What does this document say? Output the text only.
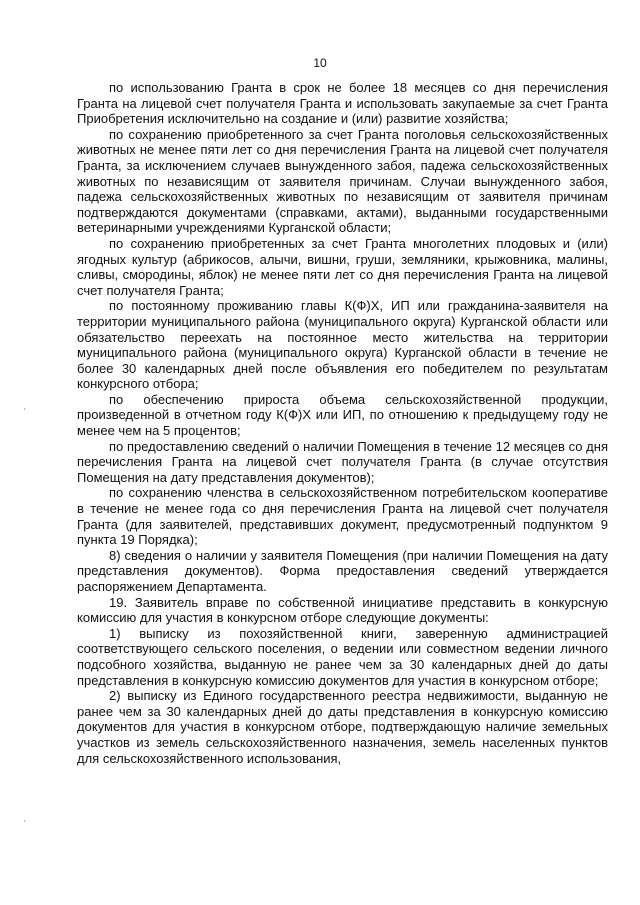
10

по использованию Гранта в срок не более 18 месяцев со дня перечисления Гранта на лицевой счет получателя Гранта и использовать закупаемые за счет Гранта Приобретения исключительно на создание и (или) развитие хозяйства;

по сохранению приобретенного за счет Гранта поголовья сельскохозяйственных животных не менее пяти лет со дня перечисления Гранта на лицевой счет получателя Гранта, за исключением случаев вынужденного забоя, падежа сельскохозяйственных животных по независящим от заявителя причинам. Случаи вынужденного забоя, падежа сельскохозяйственных животных по независящим от заявителя причинам подтверждаются документами (справками, актами), выданными государственными ветеринарными учреждениями Курганской области;

по сохранению приобретенных за счет Гранта многолетних плодовых и (или) ягодных культур (абрикосов, алычи, вишни, груши, земляники, крыжовника, малины, сливы, смородины, яблок) не менее пяти лет со дня перечисления Гранта на лицевой счет получателя Гранта;

по постоянному проживанию главы К(Ф)Х, ИП или гражданина-заявителя на территории муниципального района (муниципального округа) Курганской области или обязательство переехать на постоянное место жительства на территории муниципального района (муниципального округа) Курганской области в течение не более 30 календарных дней после объявления его победителем по результатам конкурсного отбора;

по обеспечению прироста объема сельскохозяйственной продукции, произведенной в отчетном году К(Ф)Х или ИП, по отношению к предыдущему году не менее чем на 5 процентов;

по предоставлению сведений о наличии Помещения в течение 12 месяцев со дня перечисления Гранта на лицевой счет получателя Гранта (в случае отсутствия Помещения на дату представления документов);

по сохранению членства в сельскохозяйственном потребительском кооперативе в течение не менее года со дня перечисления Гранта на лицевой счет получателя Гранта (для заявителей, представивших документ, предусмотренный подпунктом 9 пункта 19 Порядка);

8) сведения о наличии у заявителя Помещения (при наличии Помещения на дату представления документов). Форма предоставления сведений утверждается распоряжением Департамента.

19. Заявитель вправе по собственной инициативе представить в конкурсную комиссию для участия в конкурсном отборе следующие документы:

1) выписку из похозяйственной книги, заверенную администрацией соответствующего сельского поселения, о ведении или совместном ведении личного подсобного хозяйства, выданную не ранее чем за 30 календарных дней до даты представления в конкурсную комиссию документов для участия в конкурсном отборе;

2) выписку из Единого государственного реестра недвижимости, выданную не ранее чем за 30 календарных дней до даты представления в конкурсную комиссию документов для участия в конкурсном отборе, подтверждающую наличие земельных участков из земель сельскохозяйственного назначения, земель населенных пунктов для сельскохозяйственного использования,
